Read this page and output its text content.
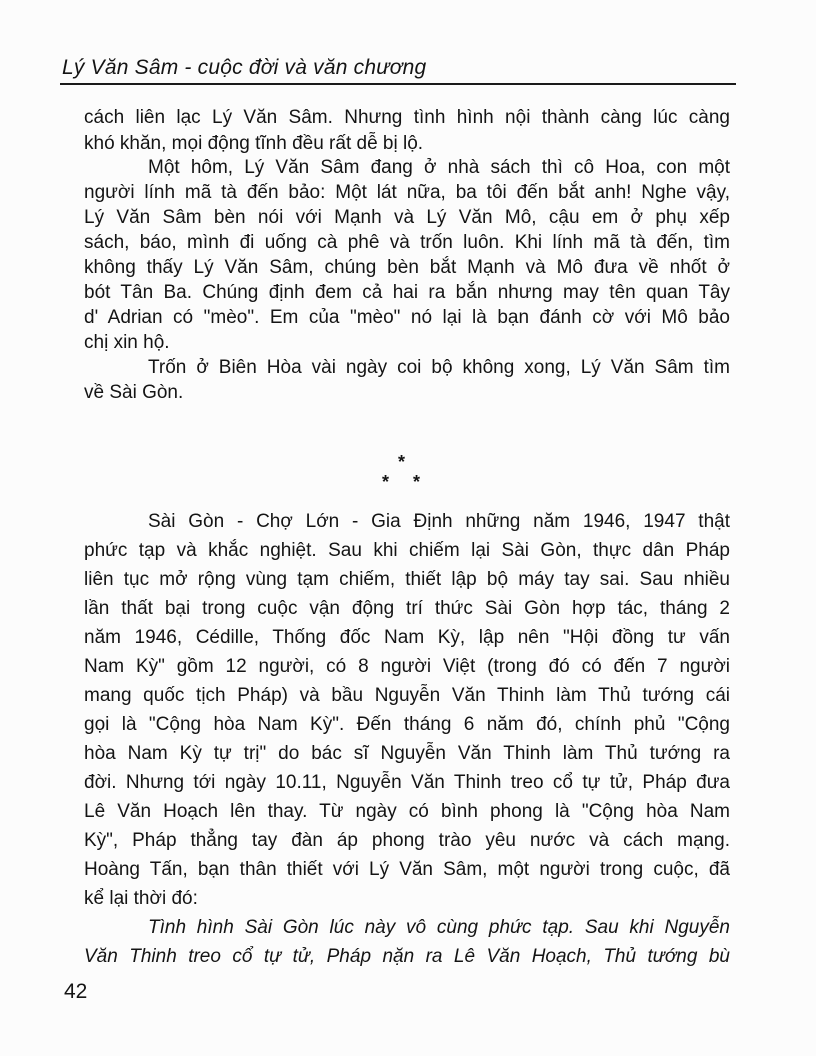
Lý Văn Sâm - cuộc đời và văn chương
cách liên lạc Lý Văn Sâm. Nhưng tình hình nội thành càng lúc càng
khó khăn, mọi động tĩnh đều rất dễ bị lộ.
Một hôm, Lý Văn Sâm đang ở nhà sách thì cô Hoa, con một
người lính mã tà đến bảo: Một lát nữa, ba tôi đến bắt anh! Nghe vậy,
Lý Văn Sâm bèn nói với Mạnh và Lý Văn Mô, cậu em ở phụ xếp
sách, báo, mình đi uống cà phê và trốn luôn. Khi lính mã tà đến, tìm
không thấy Lý Văn Sâm, chúng bèn bắt Mạnh và Mô đưa về nhốt ở
bót Tân Ba. Chúng định đem cả hai ra bắn nhưng may tên quan Tây
d' Adrian có "mèo". Em của "mèo" nó lại là bạn đánh cờ với Mô bảo
chị xin hộ.
Trốn ở Biên Hòa vài ngày coi bộ không xong, Lý Văn Sâm tìm
về Sài Gòn.
*
* *
Sài Gòn - Chợ Lớn - Gia Định những năm 1946, 1947 thật
phức tạp và khắc nghiệt. Sau khi chiếm lại Sài Gòn, thực dân Pháp
liên tục mở rộng vùng tạm chiếm, thiết lập bộ máy tay sai. Sau nhiều
lần thất bại trong cuộc vận động trí thức Sài Gòn hợp tác, tháng 2
năm 1946, Cédille, Thống đốc Nam Kỳ, lập nên "Hội đồng tư vấn
Nam Kỳ" gồm 12 người, có 8 người Việt (trong đó có đến 7 người
mang quốc tịch Pháp) và bầu Nguyễn Văn Thinh làm Thủ tướng cái
gọi là "Cộng hòa Nam Kỳ". Đến tháng 6 năm đó, chính phủ "Cộng
hòa Nam Kỳ tự trị" do bác sĩ Nguyễn Văn Thinh làm Thủ tướng ra
đời. Nhưng tới ngày 10.11, Nguyễn Văn Thinh treo cổ tự tử, Pháp đưa
Lê Văn Hoạch lên thay. Từ ngày có bình phong là "Cộng hòa Nam
Kỳ", Pháp thẳng tay đàn áp phong trào yêu nước và cách mạng.
Hoàng Tấn, bạn thân thiết với Lý Văn Sâm, một người trong cuộc, đã
kể lại thời đó:
Tình hình Sài Gòn lúc này vô cùng phức tạp. Sau khi Nguyễn
Văn Thinh treo cổ tự tử, Pháp nặn ra Lê Văn Hoạch, Thủ tướng bù
42
